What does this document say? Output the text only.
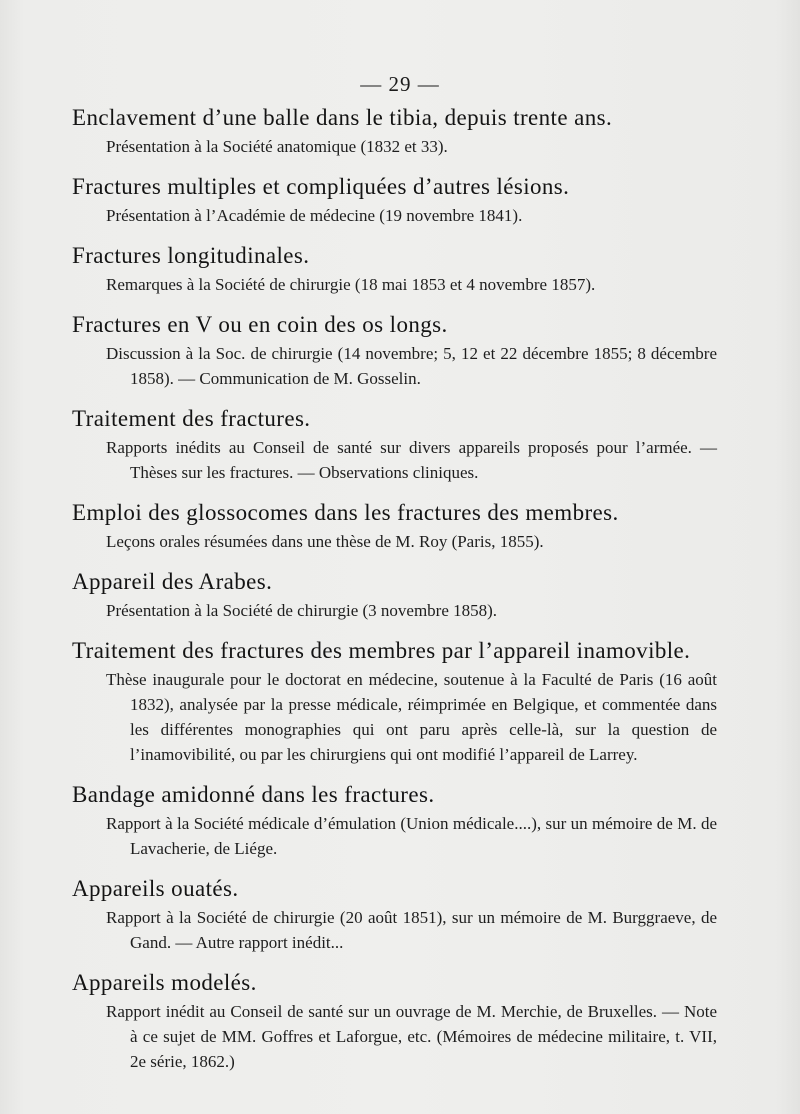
— 29 —
Enclavement d’une balle dans le tibia, depuis trente ans.
Présentation à la Société anatomique (1832 et 33).
Fractures multiples et compliquées d’autres lésions.
Présentation à l’Académie de médecine (19 novembre 1841).
Fractures longitudinales.
Remarques à la Société de chirurgie (18 mai 1853 et 4 novembre 1857).
Fractures en V ou en coin des os longs.
Discussion à la Soc. de chirurgie (14 novembre; 5, 12 et 22 décembre 1855; 8 décembre 1858). — Communication de M. Gosselin.
Traitement des fractures.
Rapports inédits au Conseil de santé sur divers appareils proposés pour l’armée. — Thèses sur les fractures. — Observations cliniques.
Emploi des glossocomes dans les fractures des membres.
Leçons orales résumées dans une thèse de M. Roy (Paris, 1855).
Appareil des Arabes.
Présentation à la Société de chirurgie (3 novembre 1858).
Traitement des fractures des membres par l’appareil inamovible.
Thèse inaugurale pour le doctorat en médecine, soutenue à la Faculté de Paris (16 août 1832), analysée par la presse médicale, réimprimée en Belgique, et commentée dans les différentes monographies qui ont paru après celle-là, sur la question de l’inamovibilité, ou par les chirurgiens qui ont modifié l’appareil de Larrey.
Bandage amidonné dans les fractures.
Rapport à la Société médicale d’émulation (Union médicale....), sur un mémoire de M. de Lavacherie, de Liége.
Appareils ouatés.
Rapport à la Société de chirurgie (20 août 1851), sur un mémoire de M. Burggraeve, de Gand. — Autre rapport inédit...
Appareils modelés.
Rapport inédit au Conseil de santé sur un ouvrage de M. Merchie, de Bruxelles. — Note à ce sujet de MM. Goffres et Laforgue, etc. (Mémoires de médecine militaire, t. VII, 2e série, 1862.)
